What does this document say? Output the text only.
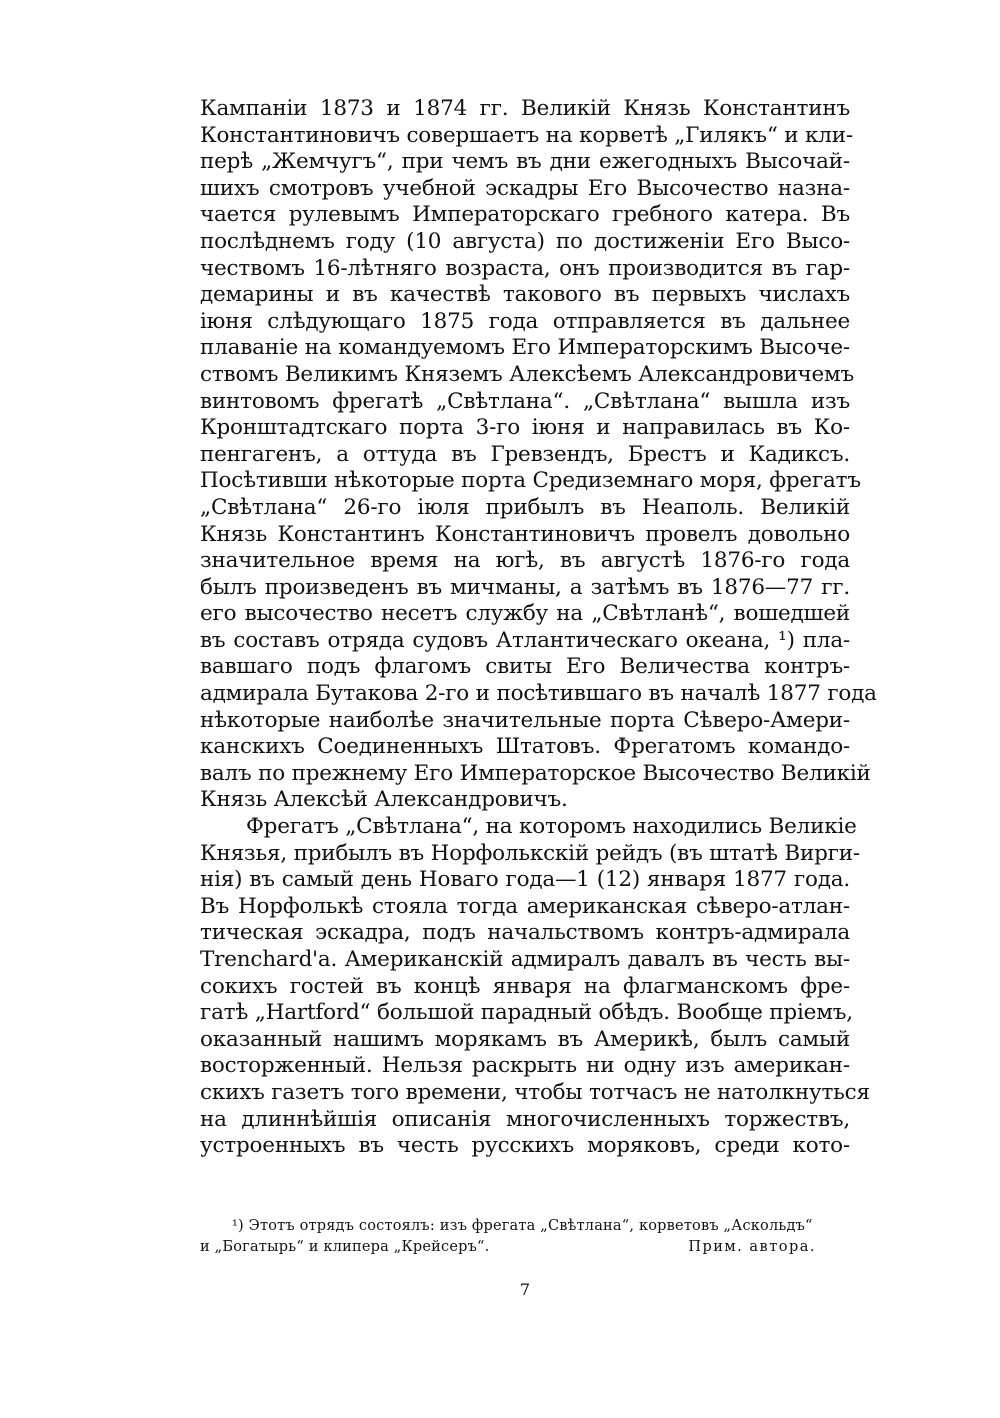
Кампаніи 1873 и 1874 гг. Великій Князь Константинъ
Константиновичъ совершаетъ на корветѣ „Гилякъ“ и кли-
перѣ „Жемчугъ“, при чемъ въ дни ежегодныхъ Высочай-
шихъ смотровъ учебной эскадры Его Высочество назна-
чается рулевымъ Императорскаго гребного катера. Въ
послѣднемъ году (10 августа) по достиженіи Его Высо-
чествомъ 16-лѣтняго возраста, онъ производится въ гар-
демарины и въ качествѣ такового въ первыхъ числахъ
іюня слѣдующаго 1875 года отправляется въ дальнее
плаваніе на командуемомъ Его Императорскимъ Высоче-
ствомъ Великимъ Княземъ Алексѣемъ Александровичемъ
винтовомъ фрегатѣ „Свѣтлана“. „Свѣтлана“ вышла изъ
Кронштадтскаго порта 3-го іюня и направилась въ Ко-
пенгагенъ, а оттуда въ Гревзендъ, Брестъ и Кадиксъ.
Посѣтивши нѣкоторые порта Средиземнаго моря, фрегатъ
„Свѣтлана“ 26-го іюля прибылъ въ Неаполь. Великій
Князь Константинъ Константиновичъ провелъ довольно
значительное время на югѣ, въ августѣ 1876-го года
былъ произведенъ въ мичманы, а затѣмъ въ 1876—77 гг.
его высочество несетъ службу на „Свѣтланѣ“, вошедшей
въ составъ отряда судовъ Атлантическаго океана, ¹) пла-
вавшаго подъ флагомъ свиты Его Величества контръ-
адмирала Бутакова 2-го и посѣтившаго въ началѣ 1877 года
нѣкоторые наиболѣе значительные порта Сѣверо-Амери-
канскихъ Соединенныхъ Штатовъ. Фрегатомъ командо-
валъ по прежнему Его Императорское Высочество Великій
Князь Алексѣй Александровичъ.
Фрегатъ „Свѣтлана“, на которомъ находились Великіе
Князья, прибылъ въ Норфолькскій рейдъ (въ штатѣ Вирги-
нія) въ самый день Новаго года—1 (12) января 1877 года.
Въ Норфолькѣ стояла тогда американская сѣверо-атлан-
тическая эскадра, подъ начальствомъ контръ-адмирала
Trenchard'a. Американскій адмиралъ давалъ въ честь вы-
сокихъ гостей въ концѣ января на флагманскомъ фре-
гатѣ „Hartford“ большой парадный обѣдъ. Вообще пріемъ,
оказанный нашимъ морякамъ въ Америкѣ, былъ самый
восторженный. Нельзя раскрыть ни одну изъ американ-
скихъ газетъ того времени, чтобы тотчасъ не натолкнуться
на длиннѣйшія описанія многочисленныхъ торжествъ,
устроенныхъ въ честь русскихъ моряковъ, среди кото-
¹) Этотъ отрядъ состоялъ: изъ фрегата „Свѣтлана“, корветовъ „Аскольдъ“
и „Богатырь“ и клипера „Крейсеръ“.	Прим. автора.
7
